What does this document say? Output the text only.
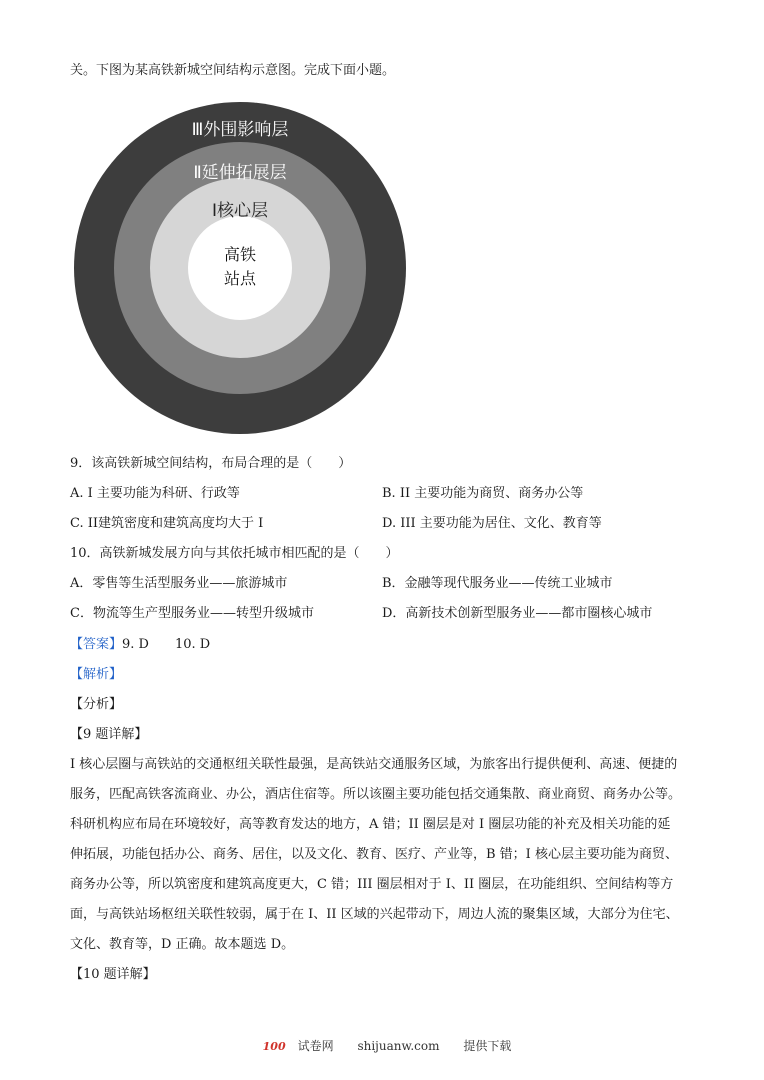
关。下图为某高铁新城空间结构示意图。完成下面小题。
Ⅲ外围影响层
Ⅱ延伸拓展层
Ⅰ核心层
高铁
站点
9．该高铁新城空间结构，布局合理的是（　　）
A. I 主要功能为科研、行政等	B. II 主要功能为商贸、商务办公等
C. II建筑密度和建筑高度均大于 I	D. III 主要功能为居住、文化、教育等
10．高铁新城发展方向与其依托城市相匹配的是（　　）
A．零售等生活型服务业——旅游城市	B．金融等现代服务业——传统工业城市
C．物流等生产型服务业——转型升级城市	D．高新技术创新型服务业——都市圈核心城市
【答案】9. D　　10. D
【解析】
【分析】
【9 题详解】
I 核心层圈与高铁站的交通枢纽关联性最强，是高铁站交通服务区域，为旅客出行提供便利、高速、便捷的
服务，匹配高铁客流商业、办公，酒店住宿等。所以该圈主要功能包括交通集散、商业商贸、商务办公等。
科研机构应布局在环境较好，高等教育发达的地方，A 错；II 圈层是对 I 圈层功能的补充及相关功能的延
伸拓展，功能包括办公、商务、居住，以及文化、教育、医疗、产业等，B 错；I 核心层主要功能为商贸、
商务办公等，所以筑密度和建筑高度更大，C 错；III 圈层相对于 I、II 圈层，在功能组织、空间结构等方
面，与高铁站场枢纽关联性较弱，属于在 I、II 区域的兴起带动下，周边人流的聚集区域，大部分为住宅、
文化、教育等，D 正确。故本题选 D。
【10 题详解】
100 试卷网 shijuanw.com 提供下载
